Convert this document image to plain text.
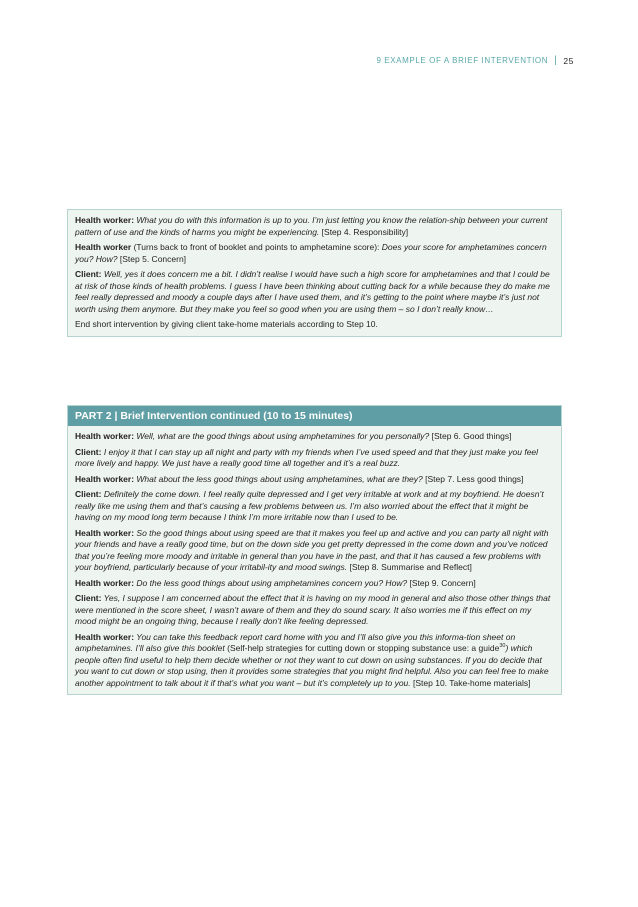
9 EXAMPLE OF A BRIEF INTERVENTION | 25

Health worker: What you do with this information is up to you. I’m just letting you know the relation-ship between your current pattern of use and the kinds of harms you might be experiencing. [Step 4. Responsibility]

Health worker (Turns back to front of booklet and points to amphetamine score): Does your score for amphetamines concern you? How? [Step 5. Concern]

Client: Well, yes it does concern me a bit. I didn’t realise I would have such a high score for amphetamines and that I could be at risk of those kinds of health problems. I guess I have been thinking about cutting back for a while because they do make me feel really depressed and moody a couple days after I have used them, and it’s getting to the point where maybe it’s just not worth using them anymore. But they make you feel so good when you are using them – so I don’t really know…

End short intervention by giving client take-home materials according to Step 10.

PART 2 | Brief Intervention continued (10 to 15 minutes)

Health worker: Well, what are the good things about using amphetamines for you personally? [Step 6. Good things]

Client: I enjoy it that I can stay up all night and party with my friends when I’ve used speed and that they just make you feel more lively and happy. We just have a really good time all together and it’s a real buzz.

Health worker: What about the less good things about using amphetamines, what are they? [Step 7. Less good things]

Client: Definitely the come down. I feel really quite depressed and I get very irritable at work and at my boyfriend. He doesn’t really like me using them and that’s causing a few problems between us. I’m also worried about the effect that it might be having on my mood long term because I think I’m more irritable now than I used to be.

Health worker: So the good things about using speed are that it makes you feel up and active and you can party all night with your friends and have a really good time, but on the down side you get pretty depressed in the come down and you’ve noticed that you’re feeling more moody and irritable in general than you have in the past, and that it has caused a few problems with your boyfriend, particularly because of your irritabil-ity and mood swings. [Step 8. Summarise and Reflect]

Health worker: Do the less good things about using amphetamines concern you? How? [Step 9. Concern]

Client: Yes, I suppose I am concerned about the effect that it is having on my mood in general and also those other things that were mentioned in the score sheet, I wasn’t aware of them and they do sound scary. It also worries me if this effect on my mood might be an ongoing thing, because I really don’t like feeling depressed.

Health worker: You can take this feedback report card home with you and I’ll also give you this informa-tion sheet on amphetamines. I’ll also give this booklet (Self-help strategies for cutting down or stopping substance use: a guide$^{30}$) which people often find useful to help them decide whether or not they want to cut down on using substances. If you do decide that you want to cut down or stop using, then it provides some strategies that you might find helpful. Also you can feel free to make another appointment to talk about it if that’s what you want – but it’s completely up to you. [Step 10. Take-home materials]
